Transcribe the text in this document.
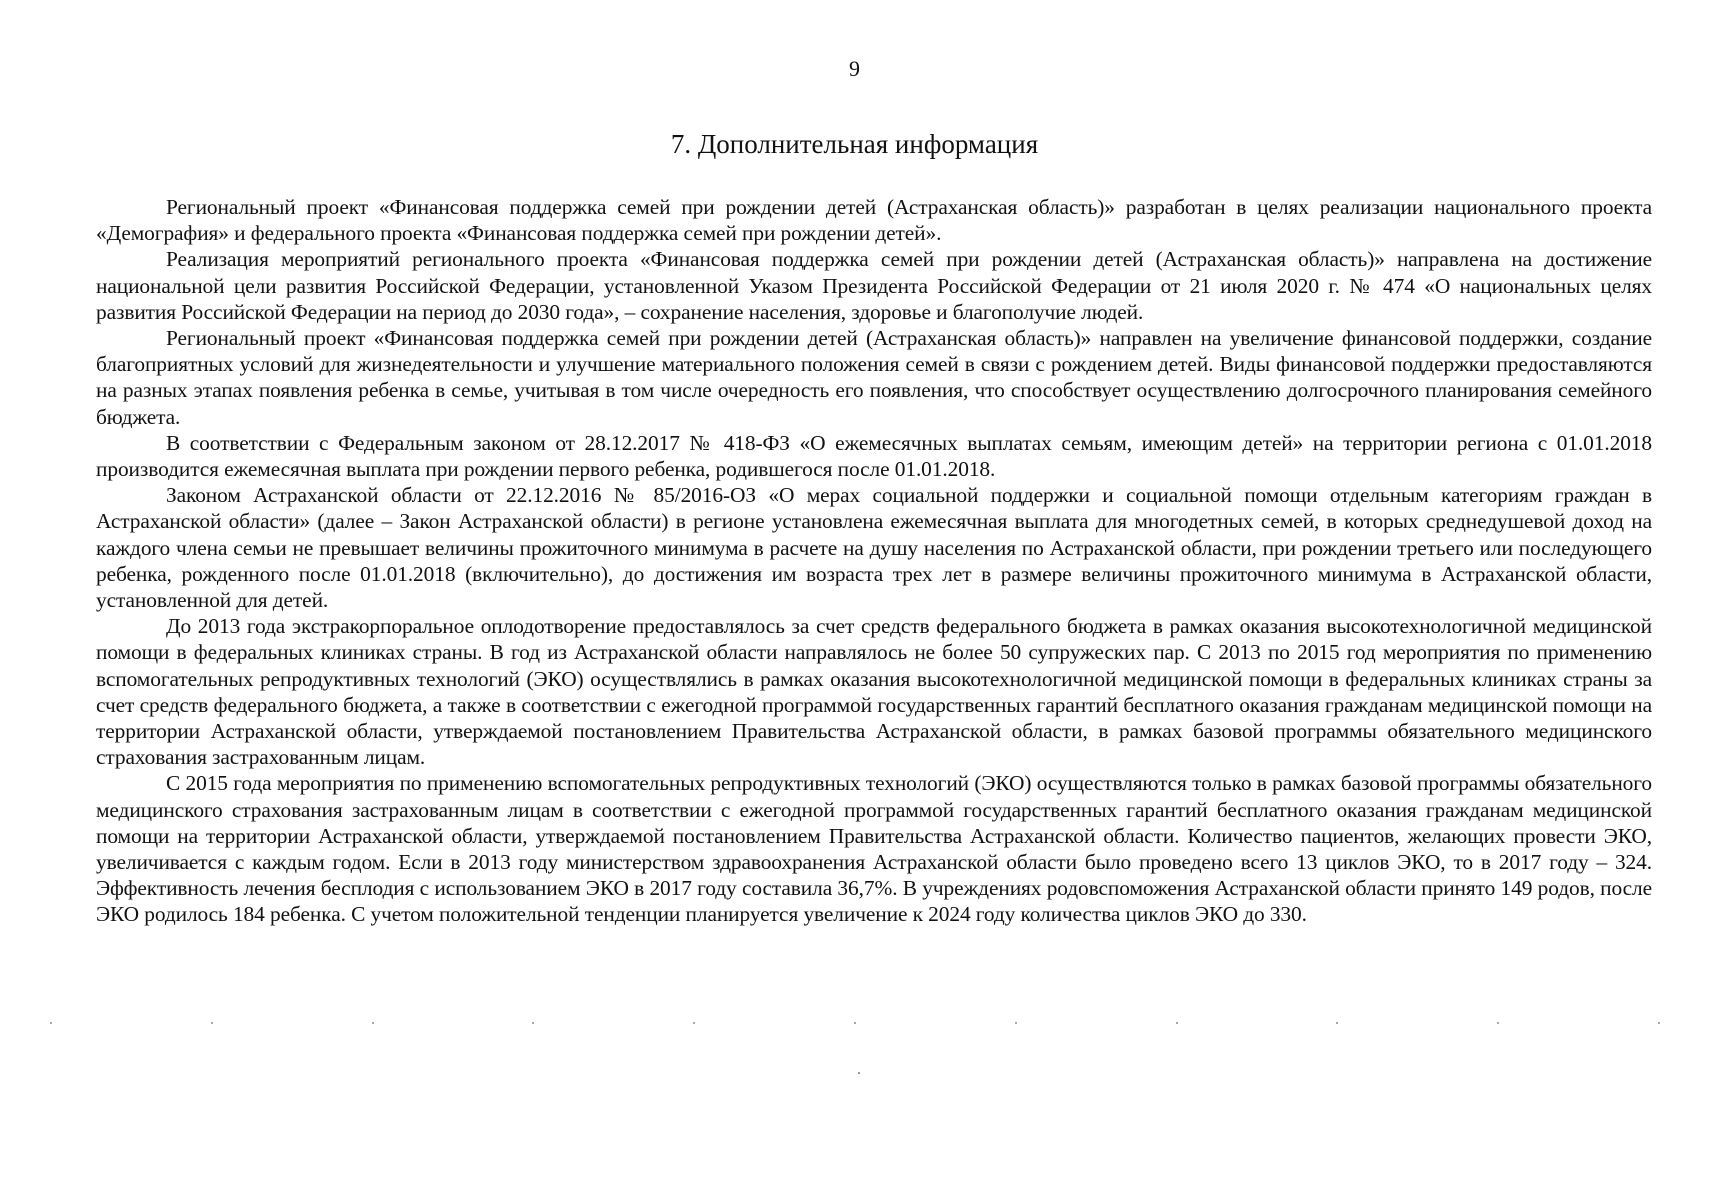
9
7. Дополнительная информация

Региональный проект «Финансовая поддержка семей при рождении детей (Астраханская область)» разработан в целях реализации национального проекта «Демография» и федерального проекта «Финансовая поддержка семей при рождении детей».

Реализация мероприятий регионального проекта «Финансовая поддержка семей при рождении детей (Астраханская область)» направлена на достижение национальной цели развития Российской Федерации, установленной Указом Президента Российской Федерации от 21 июля 2020 г. № 474 «О национальных целях развития Российской Федерации на период до 2030 года», – сохранение населения, здоровье и благополучие людей.

Региональный проект «Финансовая поддержка семей при рождении детей (Астраханская область)» направлен на увеличение финансовой поддержки, создание благоприятных условий для жизнедеятельности и улучшение материального положения семей в связи с рождением детей. Виды финансовой поддержки предоставляются на разных этапах появления ребенка в семье, учитывая в том числе очередность его появления, что способствует осуществлению долгосрочного планирования семейного бюджета.

В соответствии с Федеральным законом от 28.12.2017 № 418-ФЗ «О ежемесячных выплатах семьям, имеющим детей» на территории региона с 01.01.2018 производится ежемесячная выплата при рождении первого ребенка, родившегося после 01.01.2018.

Законом Астраханской области от 22.12.2016 № 85/2016-ОЗ «О мерах социальной поддержки и социальной помощи отдельным категориям граждан в Астраханской области» (далее – Закон Астраханской области) в регионе установлена ежемесячная выплата для многодетных семей, в которых среднедушевой доход на каждого члена семьи не превышает величины прожиточного минимума в расчете на душу населения по Астраханской области, при рождении третьего или последующего ребенка, рожденного после 01.01.2018 (включительно), до достижения им возраста трех лет в размере величины прожиточного минимума в Астраханской области, установленной для детей.

До 2013 года экстракорпоральное оплодотворение предоставлялось за счет средств федерального бюджета в рамках оказания высокотехнологичной медицинской помощи в федеральных клиниках страны. В год из Астраханской области направлялось не более 50 супружеских пар. С 2013 по 2015 год мероприятия по применению вспомогательных репродуктивных технологий (ЭКО) осуществлялись в рамках оказания высокотехнологичной медицинской помощи в федеральных клиниках страны за счет средств федерального бюджета, а также в соответствии с ежегодной программой государственных гарантий бесплатного оказания гражданам медицинской помощи на территории Астраханской области, утверждаемой постановлением Правительства Астраханской области, в рамках базовой программы обязательного медицинского страхования застрахованным лицам.

С 2015 года мероприятия по применению вспомогательных репродуктивных технологий (ЭКО) осуществляются только в рамках базовой программы обязательного медицинского страхования застрахованным лицам в соответствии с ежегодной программой государственных гарантий бесплатного оказания гражданам медицинской помощи на территории Астраханской области, утверждаемой постановлением Правительства Астраханской области. Количество пациентов, желающих провести ЭКО, увеличивается с каждым годом. Если в 2013 году министерством здравоохранения Астраханской области было проведено всего 13 циклов ЭКО, то в 2017 году – 324. Эффективность лечения бесплодия с использованием ЭКО в 2017 году составила 36,7%. В учреждениях родовспоможения Астраханской области принято 149 родов, после ЭКО родилось 184 ребенка. С учетом положительной тенденции планируется увеличение к 2024 году количества циклов ЭКО до 330.
